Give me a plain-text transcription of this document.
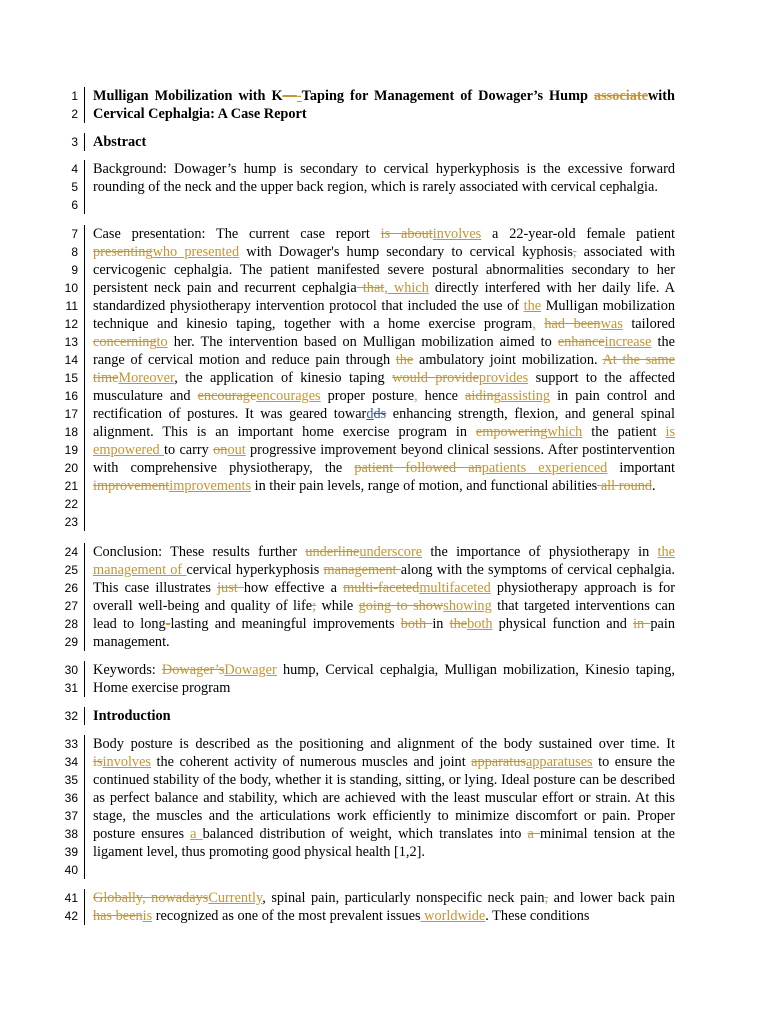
1
2
Mulligan Mobilization with K—-Taping for Management of Dowager’s Hump associatewith Cervical Cephalgia: A Case Report
3 Abstract
4
5
6
Background: Dowager’s hump is secondary to cervical hyperkyphosis is the excessive forward rounding of the neck and the upper back region, which is rarely associated with cervical cephalgia.
7
8
9
10
11
12
13
14
15
16
17
18
19
20
21
22
23
Case presentation: The current case report is aboutinvolves a 22-year-old female patient presentingwho presented with Dowager's hump secondary to cervical kyphosis, associated with cervicogenic cephalgia. The patient manifested severe postural abnormalities secondary to her persistent neck pain and recurrent cephalgia that, which directly interfered with her daily life. A standardized physiotherapy intervention protocol that included the use of the Mulligan mobilization technique and kinesio taping, together with a home exercise program, had beenwas tailored concerningto her. The intervention based on Mulligan mobilization aimed to enhanceincrease the range of cervical motion and reduce pain through the ambulatory joint mobilization. At the same timeMoreover, the application of kinesio taping would provideprovides support to the affected musculature and encourageencourages proper posture, hence aidingassisting in pain control and rectification of postures. It was geared towardds enhancing strength, flexion, and general spinal alignment. This is an important home exercise program in empoweringwhich the patient is empowered to carry onout progressive improvement beyond clinical sessions. After postintervention with comprehensive physiotherapy, the patient followed anpatients experienced important improvementimprovements in their pain levels, range of motion, and functional abilities all round.
24
25
26
27
28
29
Conclusion: These results further underlineunderscore the importance of physiotherapy in the management of cervical hyperkyphosis management along with the symptoms of cervical cephalgia. This case illustrates just how effective a multi-facetedmultifaceted physiotherapy approach is for overall well-being and quality of life; while going to showshowing that targeted interventions can lead to long-lasting and meaningful improvements both in theboth physical function and in pain management.
30
31
Keywords: Dowager’sDowager hump, Cervical cephalgia, Mulligan mobilization, Kinesio taping, Home exercise program
32 Introduction
33
34
35
36
37
38
39
40
Body posture is described as the positioning and alignment of the body sustained over time. It isinvolves the coherent activity of numerous muscles and joint apparatusapparatuses to ensure the continued stability of the body, whether it is standing, sitting, or lying. Ideal posture can be described as perfect balance and stability, which are achieved with the least muscular effort or strain. At this stage, the muscles and the articulations work efficiently to minimize discomfort or pain. Proper posture ensures a balanced distribution of weight, which translates into a minimal tension at the ligament level, thus promoting good physical health [1,2].
41
42
Globally, nowadaysCurrently, spinal pain, particularly nonspecific neck pain, and lower back pain has beenis recognized as one of the most prevalent issues worldwide. These conditions
